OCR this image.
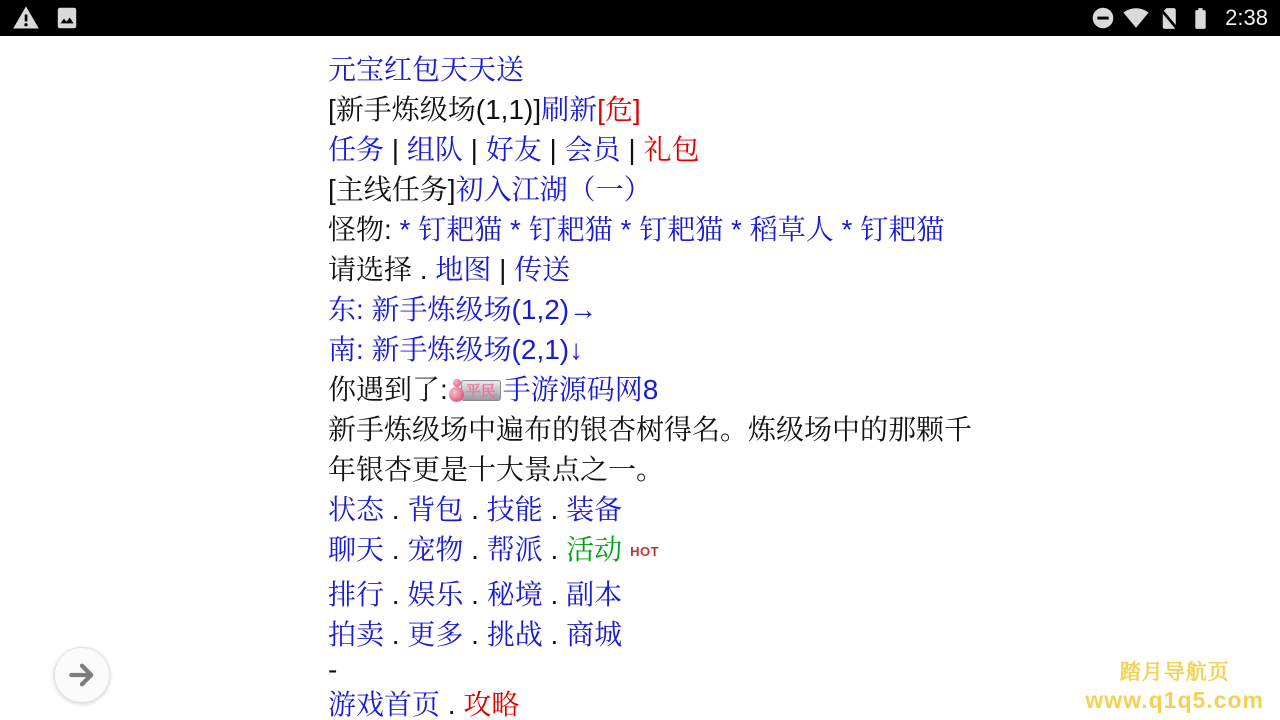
2:38
元宝红包天天送
[新手炼级场(1,1)]刷新[危]
任务 | 组队 | 好友 | 会员 | 礼包
[主线任务]初入江湖（一）
怪物: * 钉耙猫 * 钉耙猫 * 钉耙猫 * 稻草人 * 钉耙猫
请选择 . 地图 | 传送
东: 新手炼级场(1,2)→
南: 新手炼级场(2,1)↓
你遇到了:	平民 手游源码网8
新手炼级场中遍布的银杏树得名。炼级场中的那颗千
年银杏更是十大景点之一。
状态 . 背包 . 技能 . 装备
聊天 . 宠物 . 帮派 . 活动 HOT
排行 . 娱乐 . 秘境 . 副本
拍卖 . 更多 . 挑战 . 商城
-
游戏首页 . 攻略
踏月导航页
www.q1q5.com
